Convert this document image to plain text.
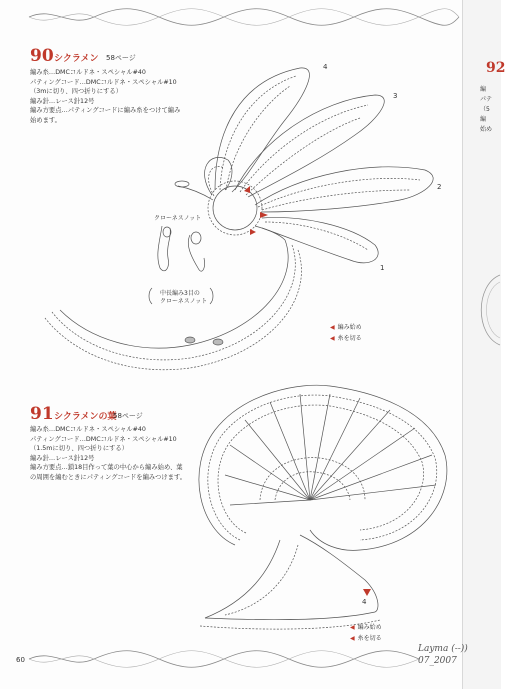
92
編
パテ
（5
編
始め
90 シクラメン 58ページ
編み糸…DMCコルドネ・スペシャル#40
パティングコード…DMCコルドネ・スペシャル#10
（3mに切り、四つ折りにする）
編み針…レース針12号
編み方要点…パティングコードに編み糸をつけて編み
始めます。
4
3
2
1
クローネスノット
中長編み3目の
クローネスノット
◀ 編み始め
◀ 糸を切る
91 シクラメンの葉
58ページ
編み糸…DMCコルドネ・スペシャル#40
パティングコード…DMCコルドネ・スペシャル#10
（1.5mに切り、四つ折りにする）
編み針…レース針12号
編み方要点…鎖18目作って葉の中心から編み始め、葉
の周囲を編むときにパティングコードを編みつけます。
4
◀ 編み始め
◀ 糸を切る
60
Layma (--))
07_2007
